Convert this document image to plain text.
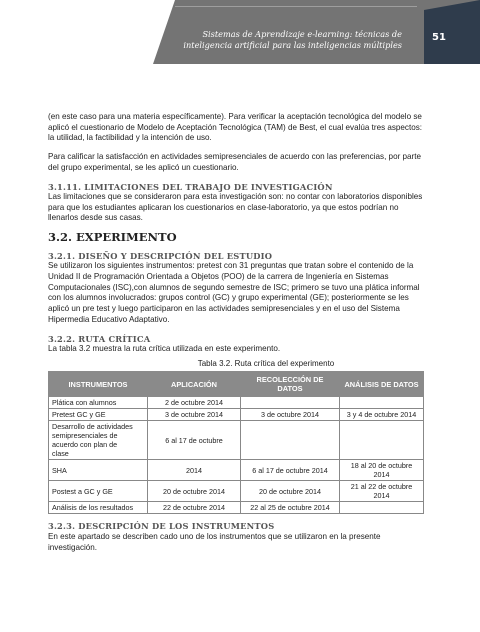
Sistemas de Aprendizaje e-learning: técnicas de
inteligencia artificial para las inteligencias múltiples
51

(en este caso para una materia específicamente). Para verificar la aceptación tecnológica del modelo se aplicó el cuestionario de Modelo de Aceptación Tecnológica (TAM) de Best, el cual evalúa tres aspectos: la utilidad, la factibilidad y la intención de uso.

Para calificar la satisfacción en actividades semipresenciales de acuerdo con las preferencias, por parte del grupo experimental, se les aplicó un cuestionario.

3.1.11. LIMITACIONES DEL TRABAJO DE INVESTIGACIÓN

Las limitaciones que se consideraron para esta investigación son: no contar con laboratorios disponibles para que los estudiantes aplicaran los cuestionarios en clase-laboratorio, ya que estos podrían no llenarlos desde sus casas.

3.2. EXPERIMENTO
3.2.1. DISEÑO Y DESCRIPCIÓN DEL ESTUDIO

Se utilizaron los siguientes instrumentos: pretest con 31 preguntas que tratan sobre el contenido de la Unidad II de Programación Orientada a Objetos (POO) de la carrera de Ingeniería en Sistemas Computacionales (ISC),con alumnos de segundo semestre de ISC; primero se tuvo una plática informal con los alumnos involucrados: grupos control (GC) y grupo experimental (GE); posteriormente se les aplicó un pre test y luego participaron en las actividades semipresenciales y en el uso del Sistema Hipermedia Educativo Adaptativo.

3.2.2. RUTA CRÍTICA

La tabla 3.2 muestra la ruta crítica utilizada en este experimento.

Tabla 3.2. Ruta crítica del experimento
INSTRUMENTOS	APLICACIÓN	RECOLECCIÓN DE DATOS	ANÁLISIS DE DATOS
Plática con alumnos	2 de octubre 2014		
Pretest GC y GE	3 de octubre 2014	3 de octubre 2014	3 y 4 de octubre 2014
Desarrollo de actividades semipresenciales de acuerdo con plan de clase	6 al 17 de octubre		
SHA	2014	6 al 17 de octubre 2014	18 al 20 de octubre 2014
Postest a GC y GE	20 de octubre 2014	20 de octubre 2014	21 al 22 de octubre 2014
Análisis de los resultados	22 de octubre 2014	22 al 25 de octubre 2014	
3.2.3. DESCRIPCIÓN DE LOS INSTRUMENTOS

En este apartado se describen cado uno de los instrumentos que se utilizaron en la presente investigación.
